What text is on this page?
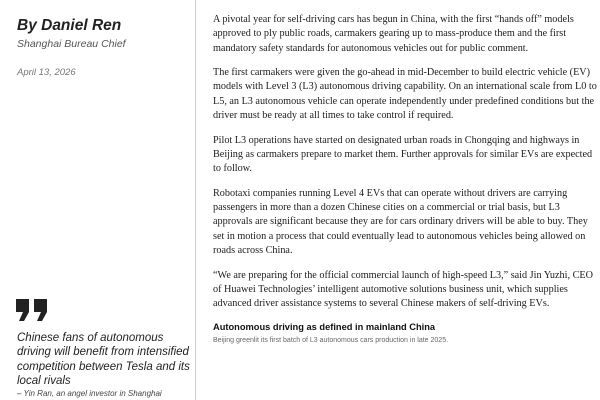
By Daniel Ren
Shanghai Bureau Chief
April 13, 2026
Chinese fans of autonomous driving will benefit from intensified competition between Tesla and its local rivals
– Yin Ran, an angel investor in Shanghai

A pivotal year for self-driving cars has begun in China, with the first “hands off” models approved to ply public roads, carmakers gearing up to mass-produce them and the first mandatory safety standards for autonomous vehicles out for public comment.

The first carmakers were given the go-ahead in mid-December to build electric vehicle (EV) models with Level 3 (L3) autonomous driving capability. On an international scale from L0 to L5, an L3 autonomous vehicle can operate independently under predefined conditions but the driver must be ready at all times to take control if required.

Pilot L3 operations have started on designated urban roads in Chongqing and highways in Beijing as carmakers prepare to market them. Further approvals for similar EVs are expected to follow.

Robotaxi companies running Level 4 EVs that can operate without drivers are carrying passengers in more than a dozen Chinese cities on a commercial or trial basis, but L3 approvals are significant because they are for cars ordinary drivers will be able to buy. They set in motion a process that could eventually lead to autonomous vehicles being allowed on roads across China.

“We are preparing for the official commercial launch of high-speed L3,” said Jin Yuzhi, CEO of Huawei Technologies’ intelligent automotive solutions business unit, which supplies advanced driver assistance systems to several Chinese makers of self-driving EVs.

Autonomous driving as defined in mainland China
Beijing greenlit its first batch of L3 autonomous cars production in late 2025.
